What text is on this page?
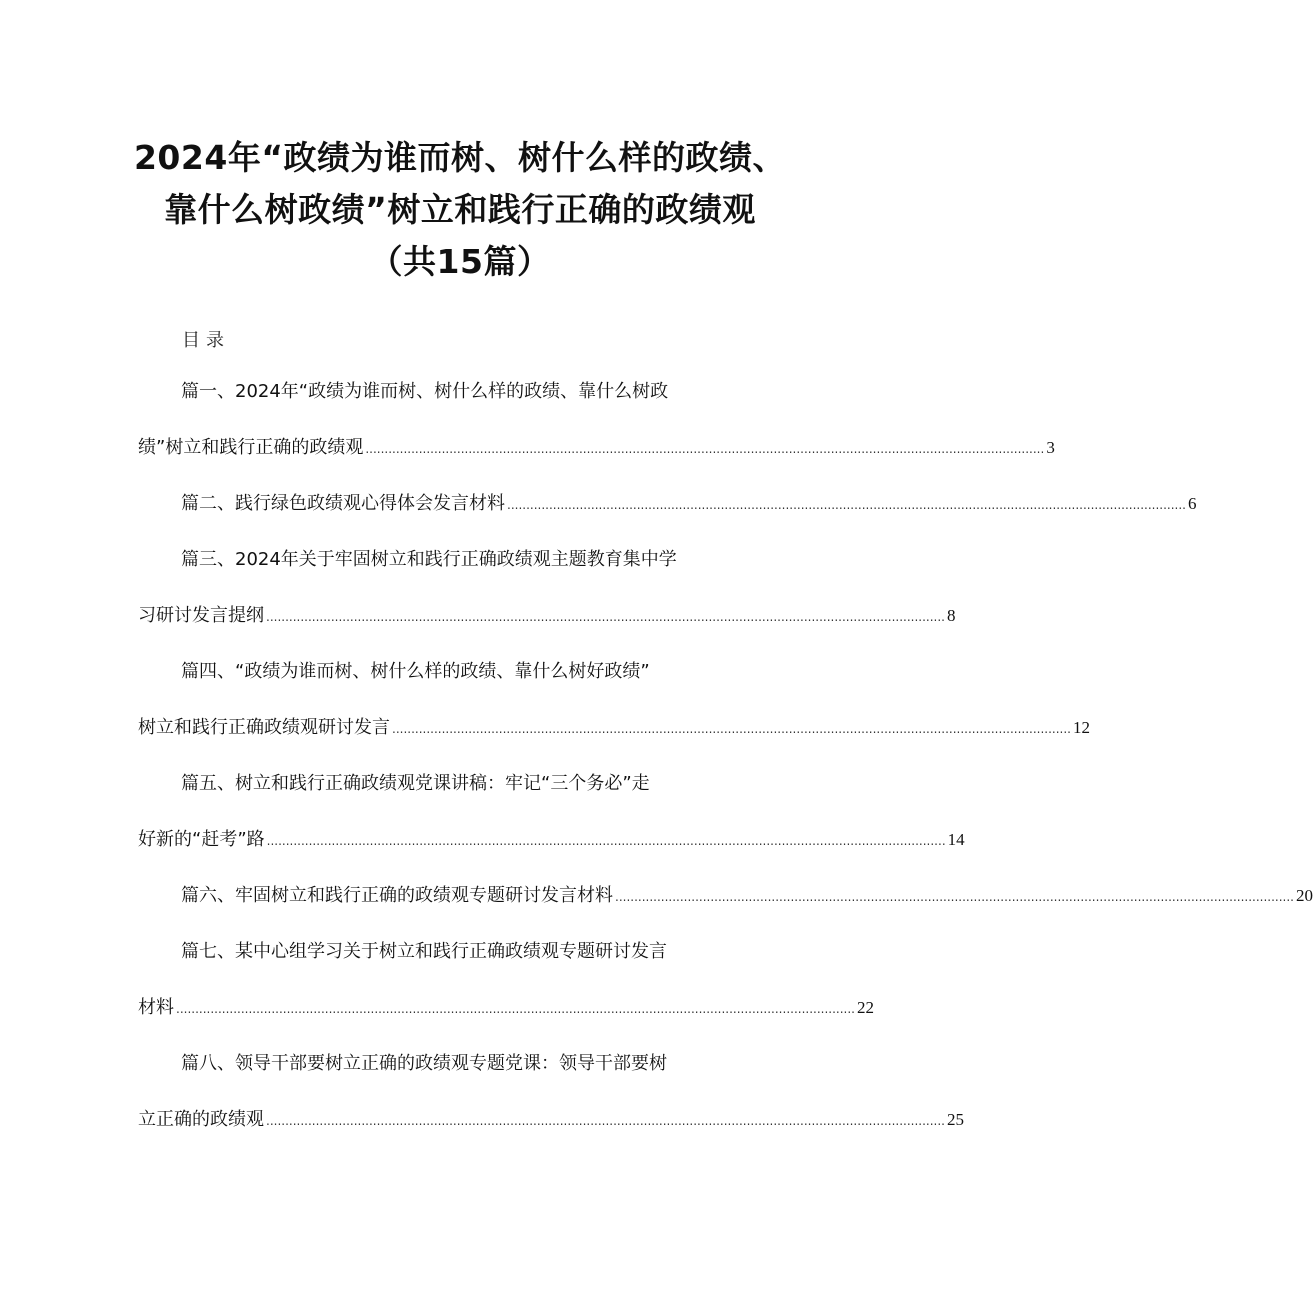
2024年“政绩为谁而树、树什么样的政绩、
靠什么树政绩”树立和践行正确的政绩观
（共15篇）
目录
篇一、2024年“政绩为谁而树、树什么样的政绩、靠什么树政
绩”树立和践行正确的政绩观 .................................................................................................................................................................................. 3
篇二、践行绿色政绩观心得体会发言材料 .................................................................................................................................................................................. 6
篇三、2024年关于牢固树立和践行正确政绩观主题教育集中学
习研讨发言提纲 .................................................................................................................................................................................. 8
篇四、“政绩为谁而树、树什么样的政绩、靠什么树好政绩”
树立和践行正确政绩观研讨发言 .................................................................................................................................................................................. 12
篇五、树立和践行正确政绩观党课讲稿：牢记“三个务必”走
好新的“赶考”路 .................................................................................................................................................................................. 14
篇六、牢固树立和践行正确的政绩观专题研讨发言材料 .................................................................................................................................................................................. 20
篇七、某中心组学习关于树立和践行正确政绩观专题研讨发言
材料 .................................................................................................................................................................................. 22
篇八、领导干部要树立正确的政绩观专题党课：领导干部要树
立正确的政绩观 .................................................................................................................................................................................. 25
